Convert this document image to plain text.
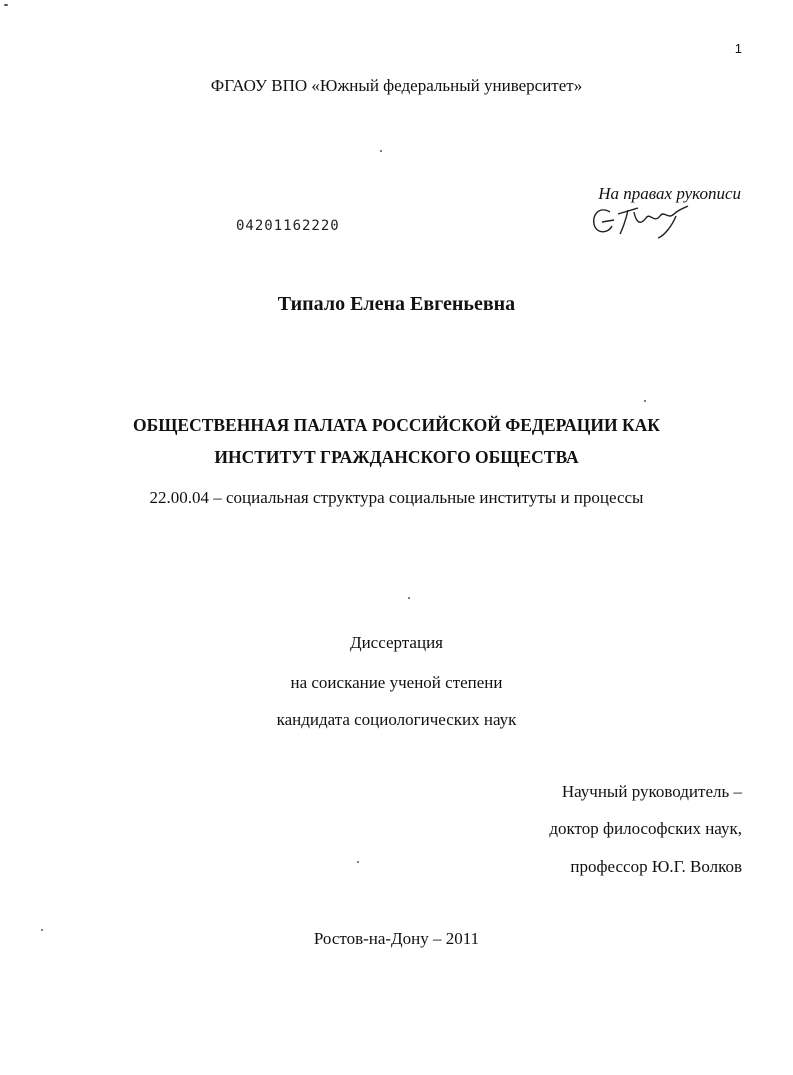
1
ФГАОУ ВПО «Южный федеральный университет»
На правах рукописи
04201162220
Типало Елена Евгеньевна
ОБЩЕСТВЕННАЯ ПАЛАТА РОССИЙСКОЙ ФЕДЕРАЦИИ КАК
ИНСТИТУТ ГРАЖДАНСКОГО ОБЩЕСТВА
22.00.04 – социальная структура социальные институты и процессы
Диссертация
на соискание ученой степени
кандидата социологических наук
Научный руководитель –
доктор философских наук,
профессор Ю.Г. Волков
Ростов-на-Дону – 2011
